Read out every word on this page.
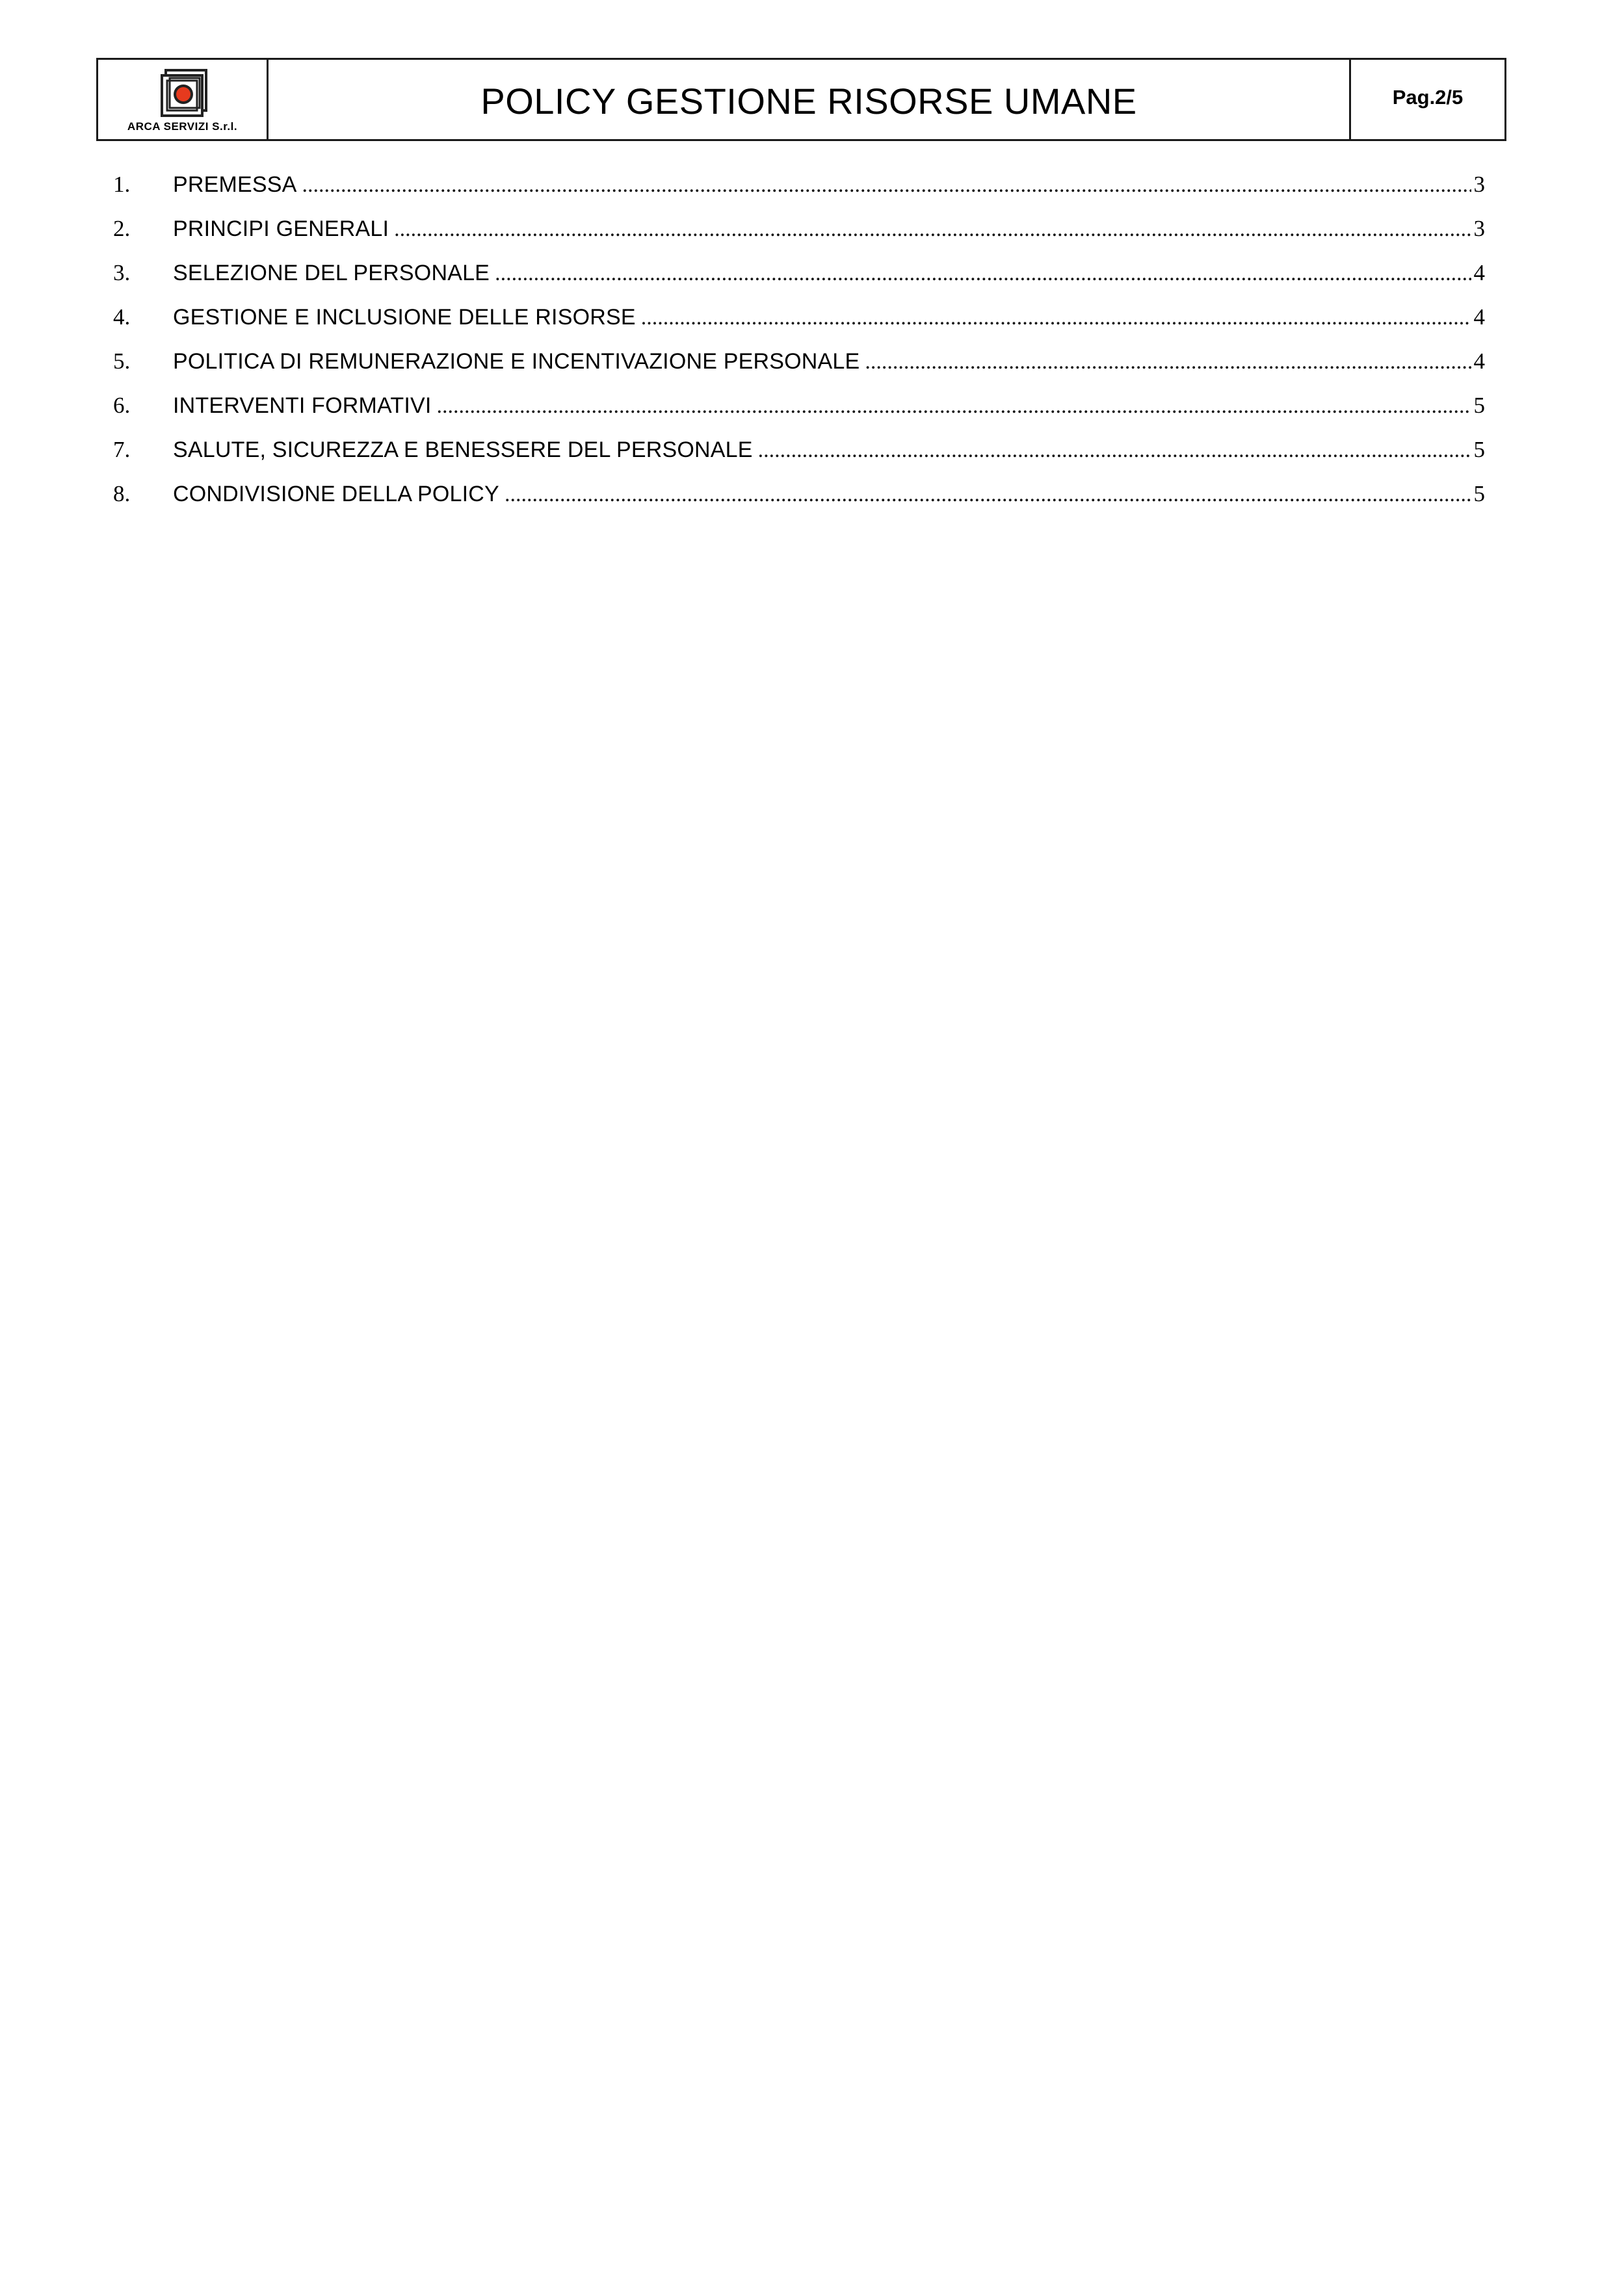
ARCA SERVIZI S.r.l.
POLICY GESTIONE RISORSE UMANE	Pag.2/5
1.	PREMESSA .....	3
2.	PRINCIPI GENERALI .....	3
3.	SELEZIONE DEL PERSONALE .....	4
4.	GESTIONE E INCLUSIONE DELLE RISORSE .....	4
5.	POLITICA DI REMUNERAZIONE E INCENTIVAZIONE PERSONALE .....	4
6.	INTERVENTI FORMATIVI .....	5
7.	SALUTE, SICUREZZA E BENESSERE DEL PERSONALE .....	5
8.	CONDIVISIONE DELLA POLICY .....	5
